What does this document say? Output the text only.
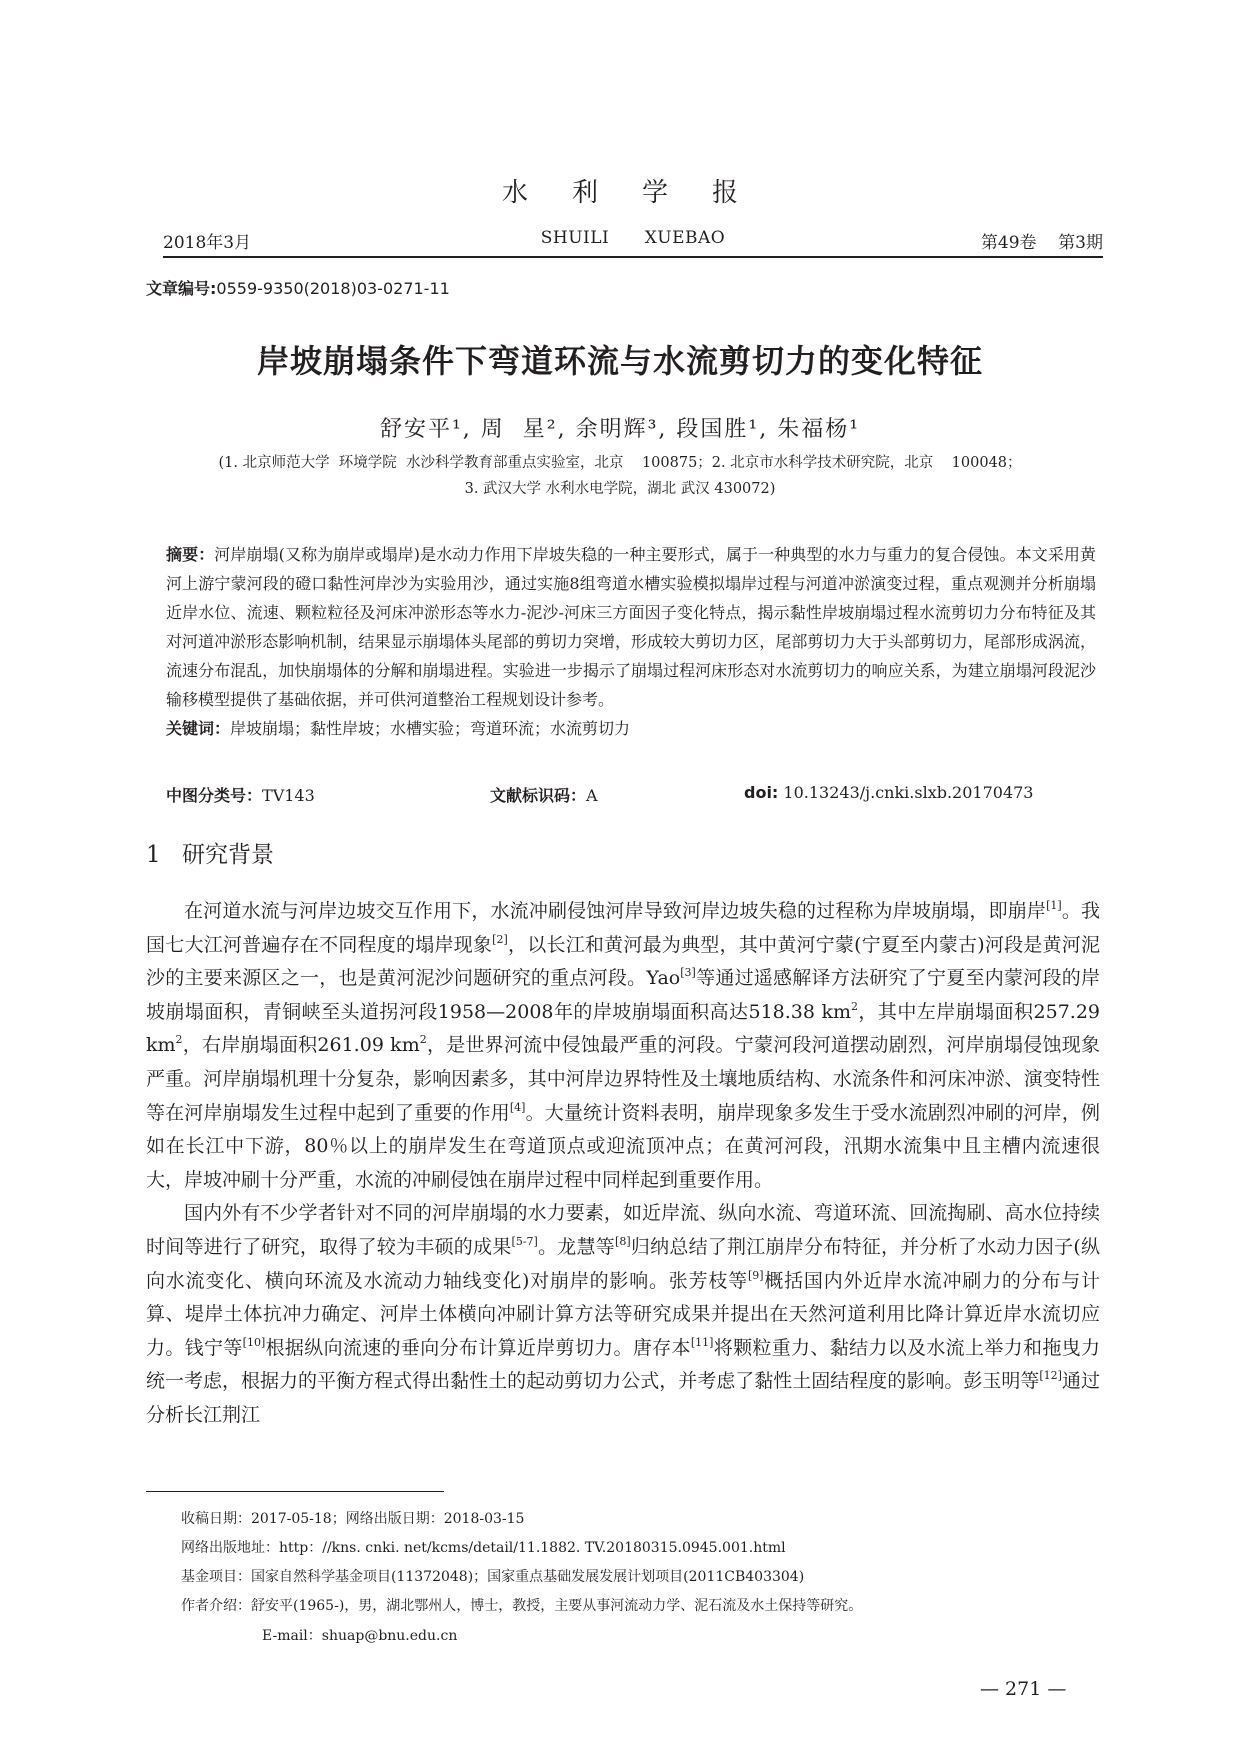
水利学报
2018年3月	SHUILI      XUEBAO	第49卷    第3期
文章编号:0559-9350(2018)03-0271-11
岸坡崩塌条件下弯道环流与水流剪切力的变化特征
舒安平¹, 周  星², 余明辉³, 段国胜¹, 朱福杨¹
(1. 北京师范大学  环境学院  水沙科学教育部重点实验室，北京    100875；2. 北京市水科学技术研究院，北京    100048；
3. 武汉大学 水利水电学院，湖北 武汉 430072)
摘要：河岸崩塌(又称为崩岸或塌岸)是水动力作用下岸坡失稳的一种主要形式，属于一种典型的水力与重力的复合侵蚀。本文采用黄河上游宁蒙河段的磴口黏性河岸沙为实验用沙，通过实施8组弯道水槽实验模拟塌岸过程与河道冲淤演变过程，重点观测并分析崩塌近岸水位、流速、颗粒粒径及河床冲淤形态等水力-泥沙-河床三方面因子变化特点，揭示黏性岸坡崩塌过程水流剪切力分布特征及其对河道冲淤形态影响机制，结果显示崩塌体头尾部的剪切力突增，形成较大剪切力区，尾部剪切力大于头部剪切力，尾部形成涡流，流速分布混乱，加快崩塌体的分解和崩塌进程。实验进一步揭示了崩塌过程河床形态对水流剪切力的响应关系，为建立崩塌河段泥沙输移模型提供了基础依据，并可供河道整治工程规划设计参考。
关键词：岸坡崩塌；黏性岸坡；水槽实验；弯道环流；水流剪切力
中图分类号：TV143	文献标识码：A	doi: 10.13243/j.cnki.slxb.20170473
1 研究背景

在河道水流与河岸边坡交互作用下，水流冲刷侵蚀河岸导致河岸边坡失稳的过程称为岸坡崩塌，即崩岸[1]。我国七大江河普遍存在不同程度的塌岸现象[2]，以长江和黄河最为典型，其中黄河宁蒙(宁夏至内蒙古)河段是黄河泥沙的主要来源区之一，也是黄河泥沙问题研究的重点河段。Yao[3]等通过遥感解译方法研究了宁夏至内蒙河段的岸坡崩塌面积，青铜峡至头道拐河段1958—2008年的岸坡崩塌面积高达518.38 $km^2$，其中左岸崩塌面积257.29 $km^2$，右岸崩塌面积261.09 $km^2$，是世界河流中侵蚀最严重的河段。宁蒙河段河道摆动剧烈，河岸崩塌侵蚀现象严重。河岸崩塌机理十分复杂，影响因素多，其中河岸边界特性及土壤地质结构、水流条件和河床冲淤、演变特性等在河岸崩塌发生过程中起到了重要的作用[4]。大量统计资料表明，崩岸现象多发生于受水流剧烈冲刷的河岸，例如在长江中下游，80％以上的崩岸发生在弯道顶点或迎流顶冲点；在黄河河段，汛期水流集中且主槽内流速很大，岸坡冲刷十分严重，水流的冲刷侵蚀在崩岸过程中同样起到重要作用。

国内外有不少学者针对不同的河岸崩塌的水力要素，如近岸流、纵向水流、弯道环流、回流掏刷、高水位持续时间等进行了研究，取得了较为丰硕的成果[5-7]。龙慧等[8]归纳总结了荆江崩岸分布特征，并分析了水动力因子(纵向水流变化、横向环流及水流动力轴线变化)对崩岸的影响。张芳枝等[9]概括国内外近岸水流冲刷力的分布与计算、堤岸土体抗冲力确定、河岸土体横向冲刷计算方法等研究成果并提出在天然河道利用比降计算近岸水流切应力。钱宁等[10]根据纵向流速的垂向分布计算近岸剪切力。唐存本[11]将颗粒重力、黏结力以及水流上举力和拖曳力统一考虑，根据力的平衡方程式得出黏性土的起动剪切力公式，并考虑了黏性土固结程度的影响。彭玉明等[12]通过分析长江荆江

收稿日期：2017-05-18；网络出版日期：2018-03-15
网络出版地址：http：//kns. cnki. net/kcms/detail/11.1882. TV.20180315.0945.001.html
基金项目：国家自然科学基金项目(11372048)；国家重点基础发展发展计划项目(2011CB403304)
作者介绍：舒安平(1965-)，男，湖北鄂州人，博士，教授，主要从事河流动力学、泥石流及水土保持等研究。
E-mail：shuap@bnu.edu.cn
— 271 —
